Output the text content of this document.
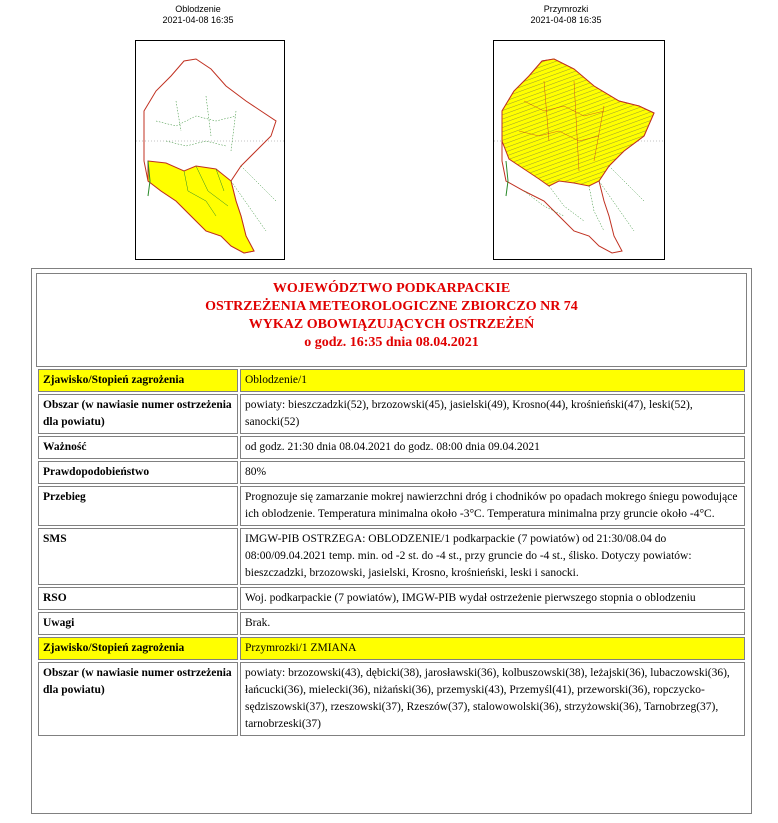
Oblodzenie
2021-04-08 16:35
Przymrozki
2021-04-08 16:35
WOJEWÓDZTWO PODKARPACKIE
OSTRZEŻENIA METEOROLOGICZNE ZBIORCZO NR 74
WYKAZ OBOWIĄZUJĄCYCH OSTRZEŻEŃ
o godz. 16:35 dnia 08.04.2021
Zjawisko/Stopień zagrożenia	Oblodzenie/1
Obszar (w nawiasie numer ostrzeżenia dla powiatu)	powiaty: bieszczadzki(52), brzozowski(45), jasielski(49), Krosno(44), krośnieński(47), leski(52), sanocki(52)
Ważność	od godz. 21:30 dnia 08.04.2021 do godz. 08:00 dnia 09.04.2021
Prawdopodobieństwo	80%
Przebieg	Prognozuje się zamarzanie mokrej nawierzchni dróg i chodników po opadach mokrego śniegu powodujące ich oblodzenie. Temperatura minimalna około -3°C. Temperatura minimalna przy gruncie około -4°C.
SMS	IMGW-PIB OSTRZEGA: OBLODZENIE/1 podkarpackie (7 powiatów) od 21:30/08.04 do 08:00/09.04.2021 temp. min. od -2 st. do -4 st., przy gruncie do -4 st., ślisko. Dotyczy powiatów: bieszczadzki, brzozowski, jasielski, Krosno, krośnieński, leski i sanocki.
RSO	Woj. podkarpackie (7 powiatów), IMGW-PIB wydał ostrzeżenie pierwszego stopnia o oblodzeniu
Uwagi	Brak.
Zjawisko/Stopień zagrożenia	Przymrozki/1 ZMIANA
Obszar (w nawiasie numer ostrzeżenia dla powiatu)	powiaty: brzozowski(43), dębicki(38), jarosławski(36), kolbuszowski(38), leżajski(36), lubaczowski(36), łańcucki(36), mielecki(36), niżański(36), przemyski(43), Przemyśl(41), przeworski(36), ropczycko-sędziszowski(37), rzeszowski(37), Rzeszów(37), stalowowolski(36), strzyżowski(36), Tarnobrzeg(37), tarnobrzeski(37)
